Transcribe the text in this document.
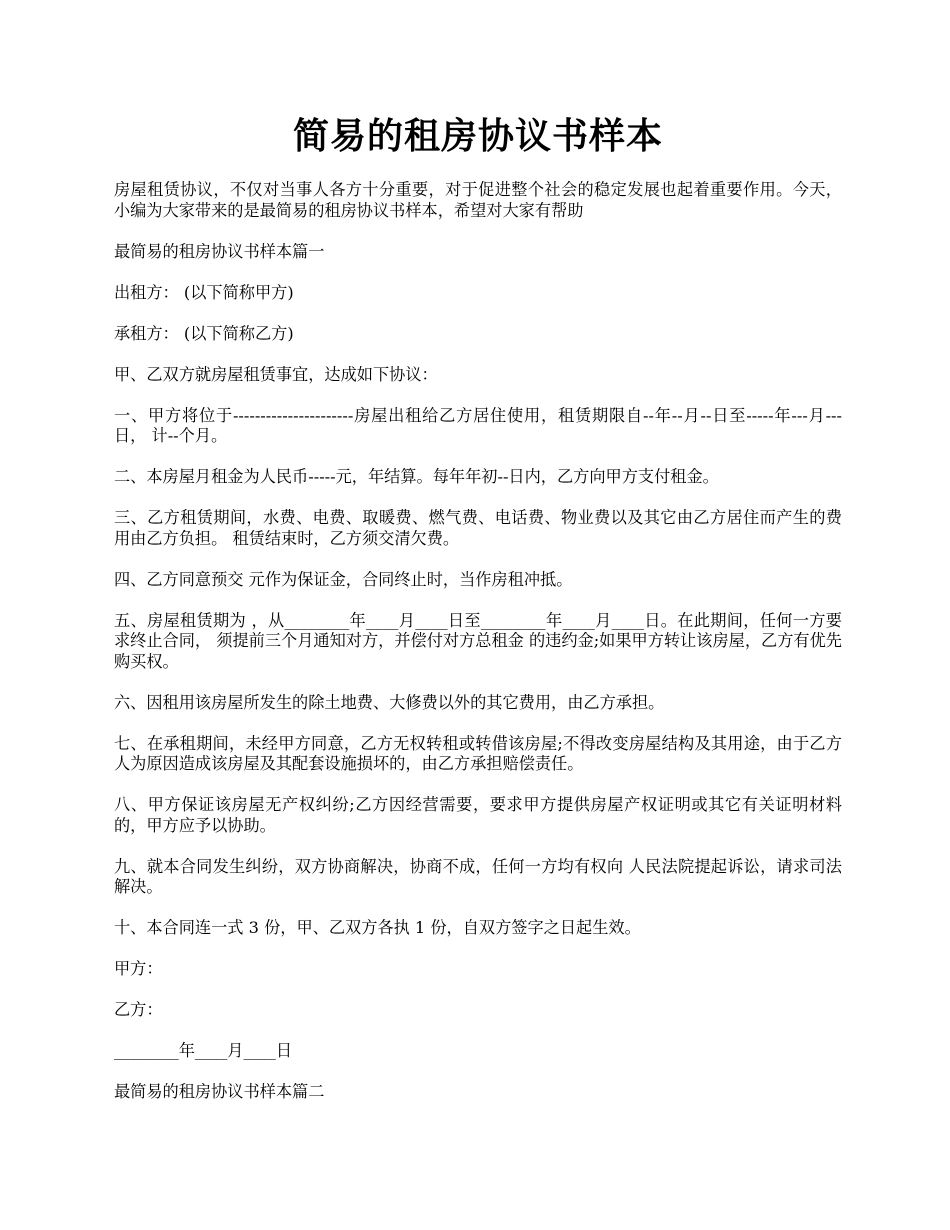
简易的租房协议书样本

房屋租赁协议，不仅对当事人各方十分重要，对于促进整个社会的稳定发展也起着重要作用。今天，小编为大家带来的是最简易的租房协议书样本，希望对大家有帮助

最简易的租房协议书样本篇一

出租方： (以下简称甲方)

承租方： (以下简称乙方)

甲、乙双方就房屋租赁事宜，达成如下协议：

一、甲方将位于----------------------房屋出租给乙方居住使用，租赁期限自--年--月--日至-----年---月---日， 计--个月。

二、本房屋月租金为人民币-----元，年结算。每年年初--日内，乙方向甲方支付租金。

三、乙方租赁期间，水费、电费、取暖费、燃气费、电话费、物业费以及其它由乙方居住而产生的费用由乙方负担。 租赁结束时，乙方须交清欠费。

四、乙方同意预交 元作为保证金，合同终止时，当作房租冲抵。

五、房屋租赁期为 ，从________年____月____日至________年____月____日。在此期间，任何一方要求终止合同， 须提前三个月通知对方，并偿付对方总租金 的违约金;如果甲方转让该房屋，乙方有优先购买权。

六、因租用该房屋所发生的除土地费、大修费以外的其它费用，由乙方承担。

七、在承租期间，未经甲方同意，乙方无权转租或转借该房屋;不得改变房屋结构及其用途，由于乙方人为原因造成该房屋及其配套设施损坏的，由乙方承担赔偿责任。

八、甲方保证该房屋无产权纠纷;乙方因经营需要，要求甲方提供房屋产权证明或其它有关证明材料的，甲方应予以协助。

九、就本合同发生纠纷，双方协商解决，协商不成，任何一方均有权向 人民法院提起诉讼，请求司法解决。

十、本合同连一式 3 份，甲、乙双方各执 1 份，自双方签字之日起生效。

甲方：

乙方：

________年____月____日

最简易的租房协议书样本篇二
